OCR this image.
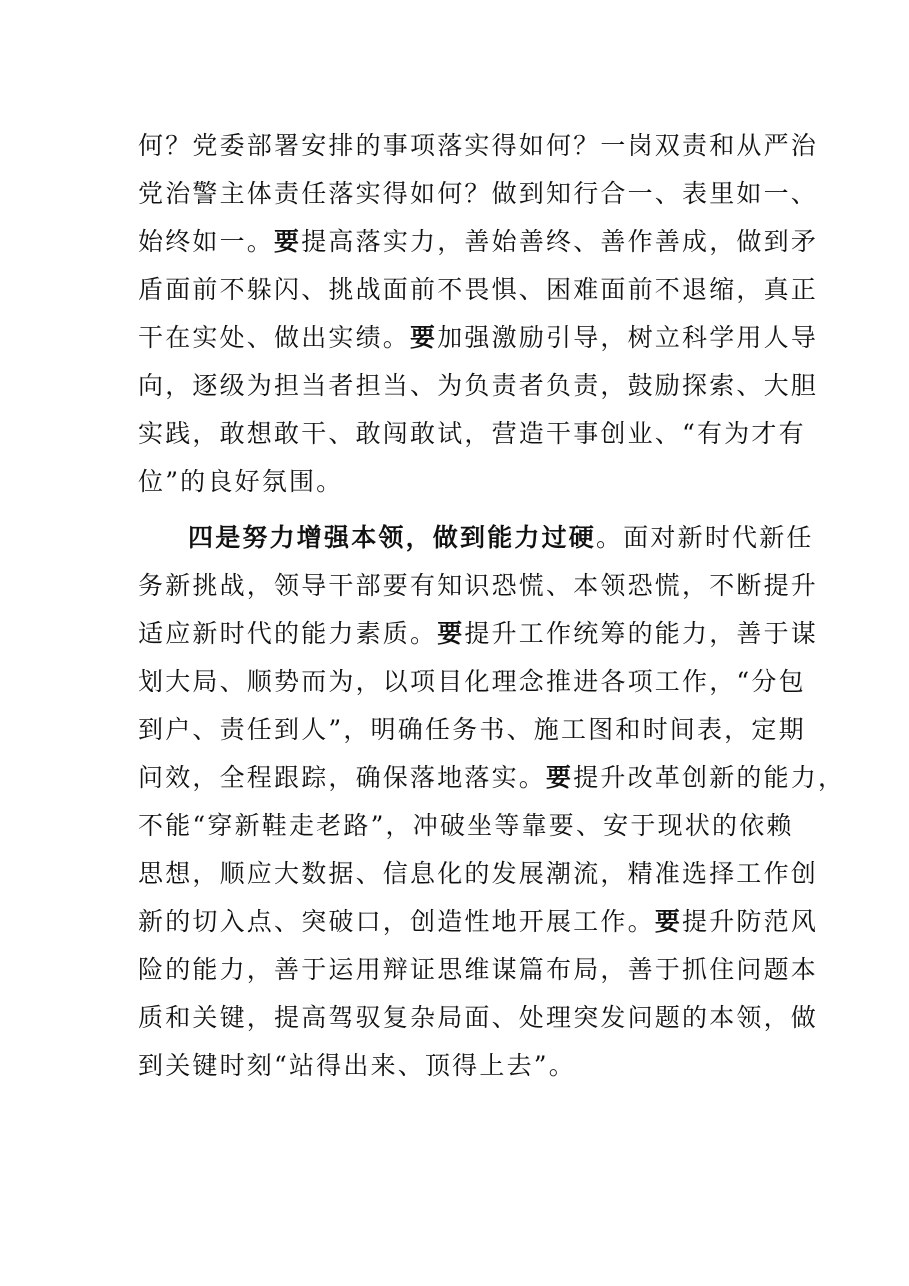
何？党委部署安排的事项落实得如何？一岗双责和从严治
党治警主体责任落实得如何？做到知行合一、表里如一、
始终如一。要提高落实力，善始善终、善作善成，做到矛
盾面前不躲闪、挑战面前不畏惧、困难面前不退缩，真正
干在实处、做出实绩。要加强激励引导，树立科学用人导
向，逐级为担当者担当、为负责者负责，鼓励探索、大胆
实践，敢想敢干、敢闯敢试，营造干事创业、“有为才有
位”的良好氛围。
四是努力增强本领，做到能力过硬。面对新时代新任
务新挑战，领导干部要有知识恐慌、本领恐慌，不断提升
适应新时代的能力素质。要提升工作统筹的能力，善于谋
划大局、顺势而为，以项目化理念推进各项工作，“分包
到户、责任到人”，明确任务书、施工图和时间表，定期
问效，全程跟踪，确保落地落实。要提升改革创新的能力，
不能“穿新鞋走老路”，冲破坐等靠要、安于现状的依赖
思想，顺应大数据、信息化的发展潮流，精准选择工作创
新的切入点、突破口，创造性地开展工作。要提升防范风
险的能力，善于运用辩证思维谋篇布局，善于抓住问题本
质和关键，提高驾驭复杂局面、处理突发问题的本领，做
到关键时刻“站得出来、顶得上去”。
